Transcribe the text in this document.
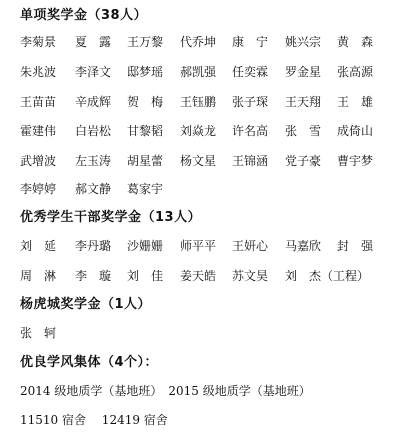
单项奖学金（38人）
李菊景 夏　露 王万黎 代乔坤 康　宁 姚兴宗 黄　森
朱兆波 李泽文 邸梦瑶 郝凯强 任奕霖 罗金星 张高源
王苗苗 辛成辉 贺　梅 王钰鹏 张子琛 王天翔 王　雄
霍建伟 白岩松 甘黎韬 刘焱龙 许名高 张　雪 成倚山
武增波 左玉涛 胡星蕾 杨文星 王锦涵 党子豪 曹宇梦
李婷婷 郝文静 葛家宇
优秀学生干部奖学金（13人）
刘　延 李丹璐 沙姗姗 师平平 王妍心 马嘉欣 封　强
周　淋 李　璇 刘　佳 姜天皓 苏文昊 刘　杰（工程）
杨虎城奖学金（1人）
张　轲
优良学风集体（4个）：
2014 级地质学（基地班）　2015 级地质学（基地班）
11510 宿舍　 12419 宿舍
